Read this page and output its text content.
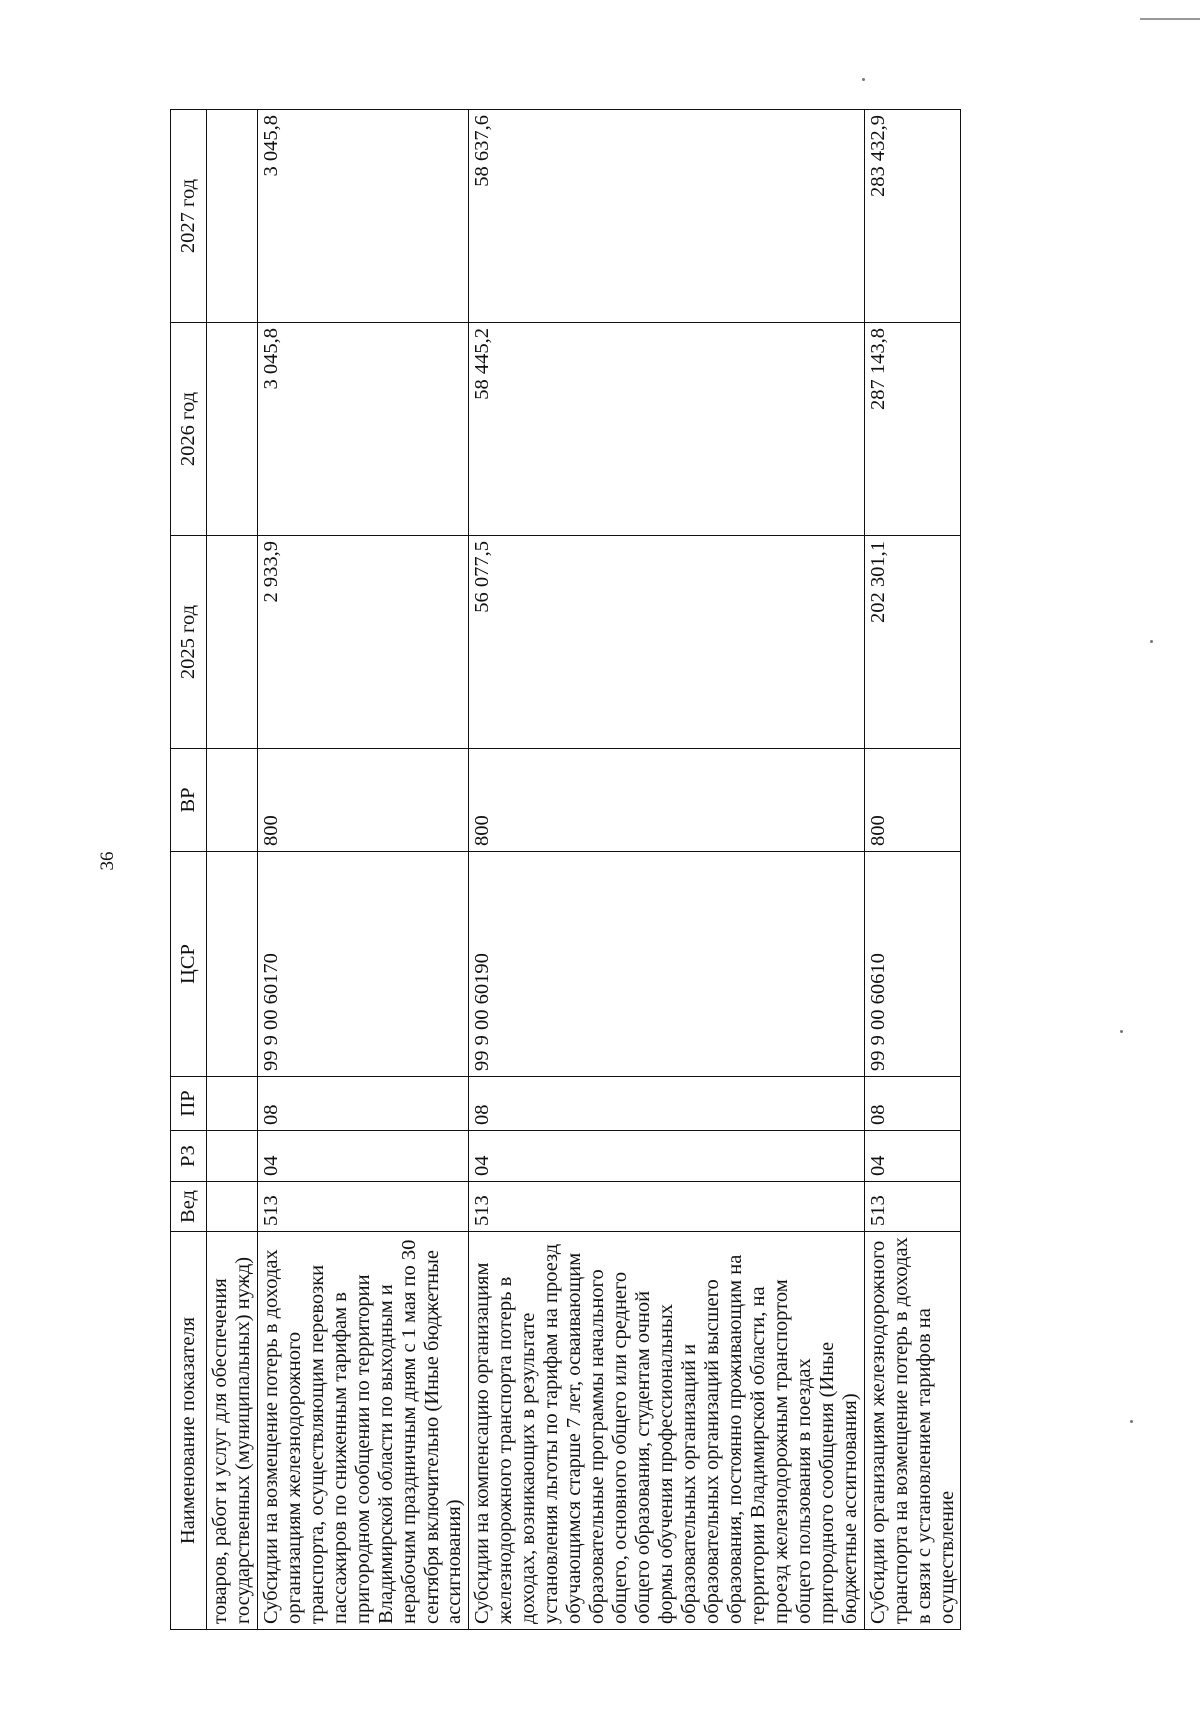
36
Наименование показателя	Вед	РЗ	ПР	ЦСР	ВР	2025 год	2026 год	2027 год
товаров, работ и услуг для обеспечения государственных (муниципальных) нужд)								
Субсидии на возмещение потерь в доходах организациям железнодорожного транспорта, осуществляющим перевозки пассажиров по сниженным тарифам в пригородном сообщении по территории Владимирской области по выходным и нерабочим праздничным дням с 1 мая по 30 сентября включительно (Иные бюджетные ассигнования)	513	04	08	99 9 00 60170	800	2 933,9	3 045,8	3 045,8
Субсидии на компенсацию организациям железнодорожного транспорта потерь в доходах, возникающих в результате установления льготы по тарифам на проезд обучающимся старше 7 лет, осваивающим образовательные программы начального общего, основного общего или среднего общего образования, студентам очной формы обучения профессиональных образовательных организаций и образовательных организаций высшего образования, постоянно проживающим на территории Владимирской области, на проезд железнодорожным транспортом общего пользования в поездах пригородного сообщения (Иные бюджетные ассигнования)	513	04	08	99 9 00 60190	800	56 077,5	58 445,2	58 637,6
Субсидии организациям железнодорожного транспорта на возмещение потерь в доходах в связи с установлением тарифов на осуществление	513	04	08	99 9 00 60610	800	202 301,1	287 143,8	283 432,9
